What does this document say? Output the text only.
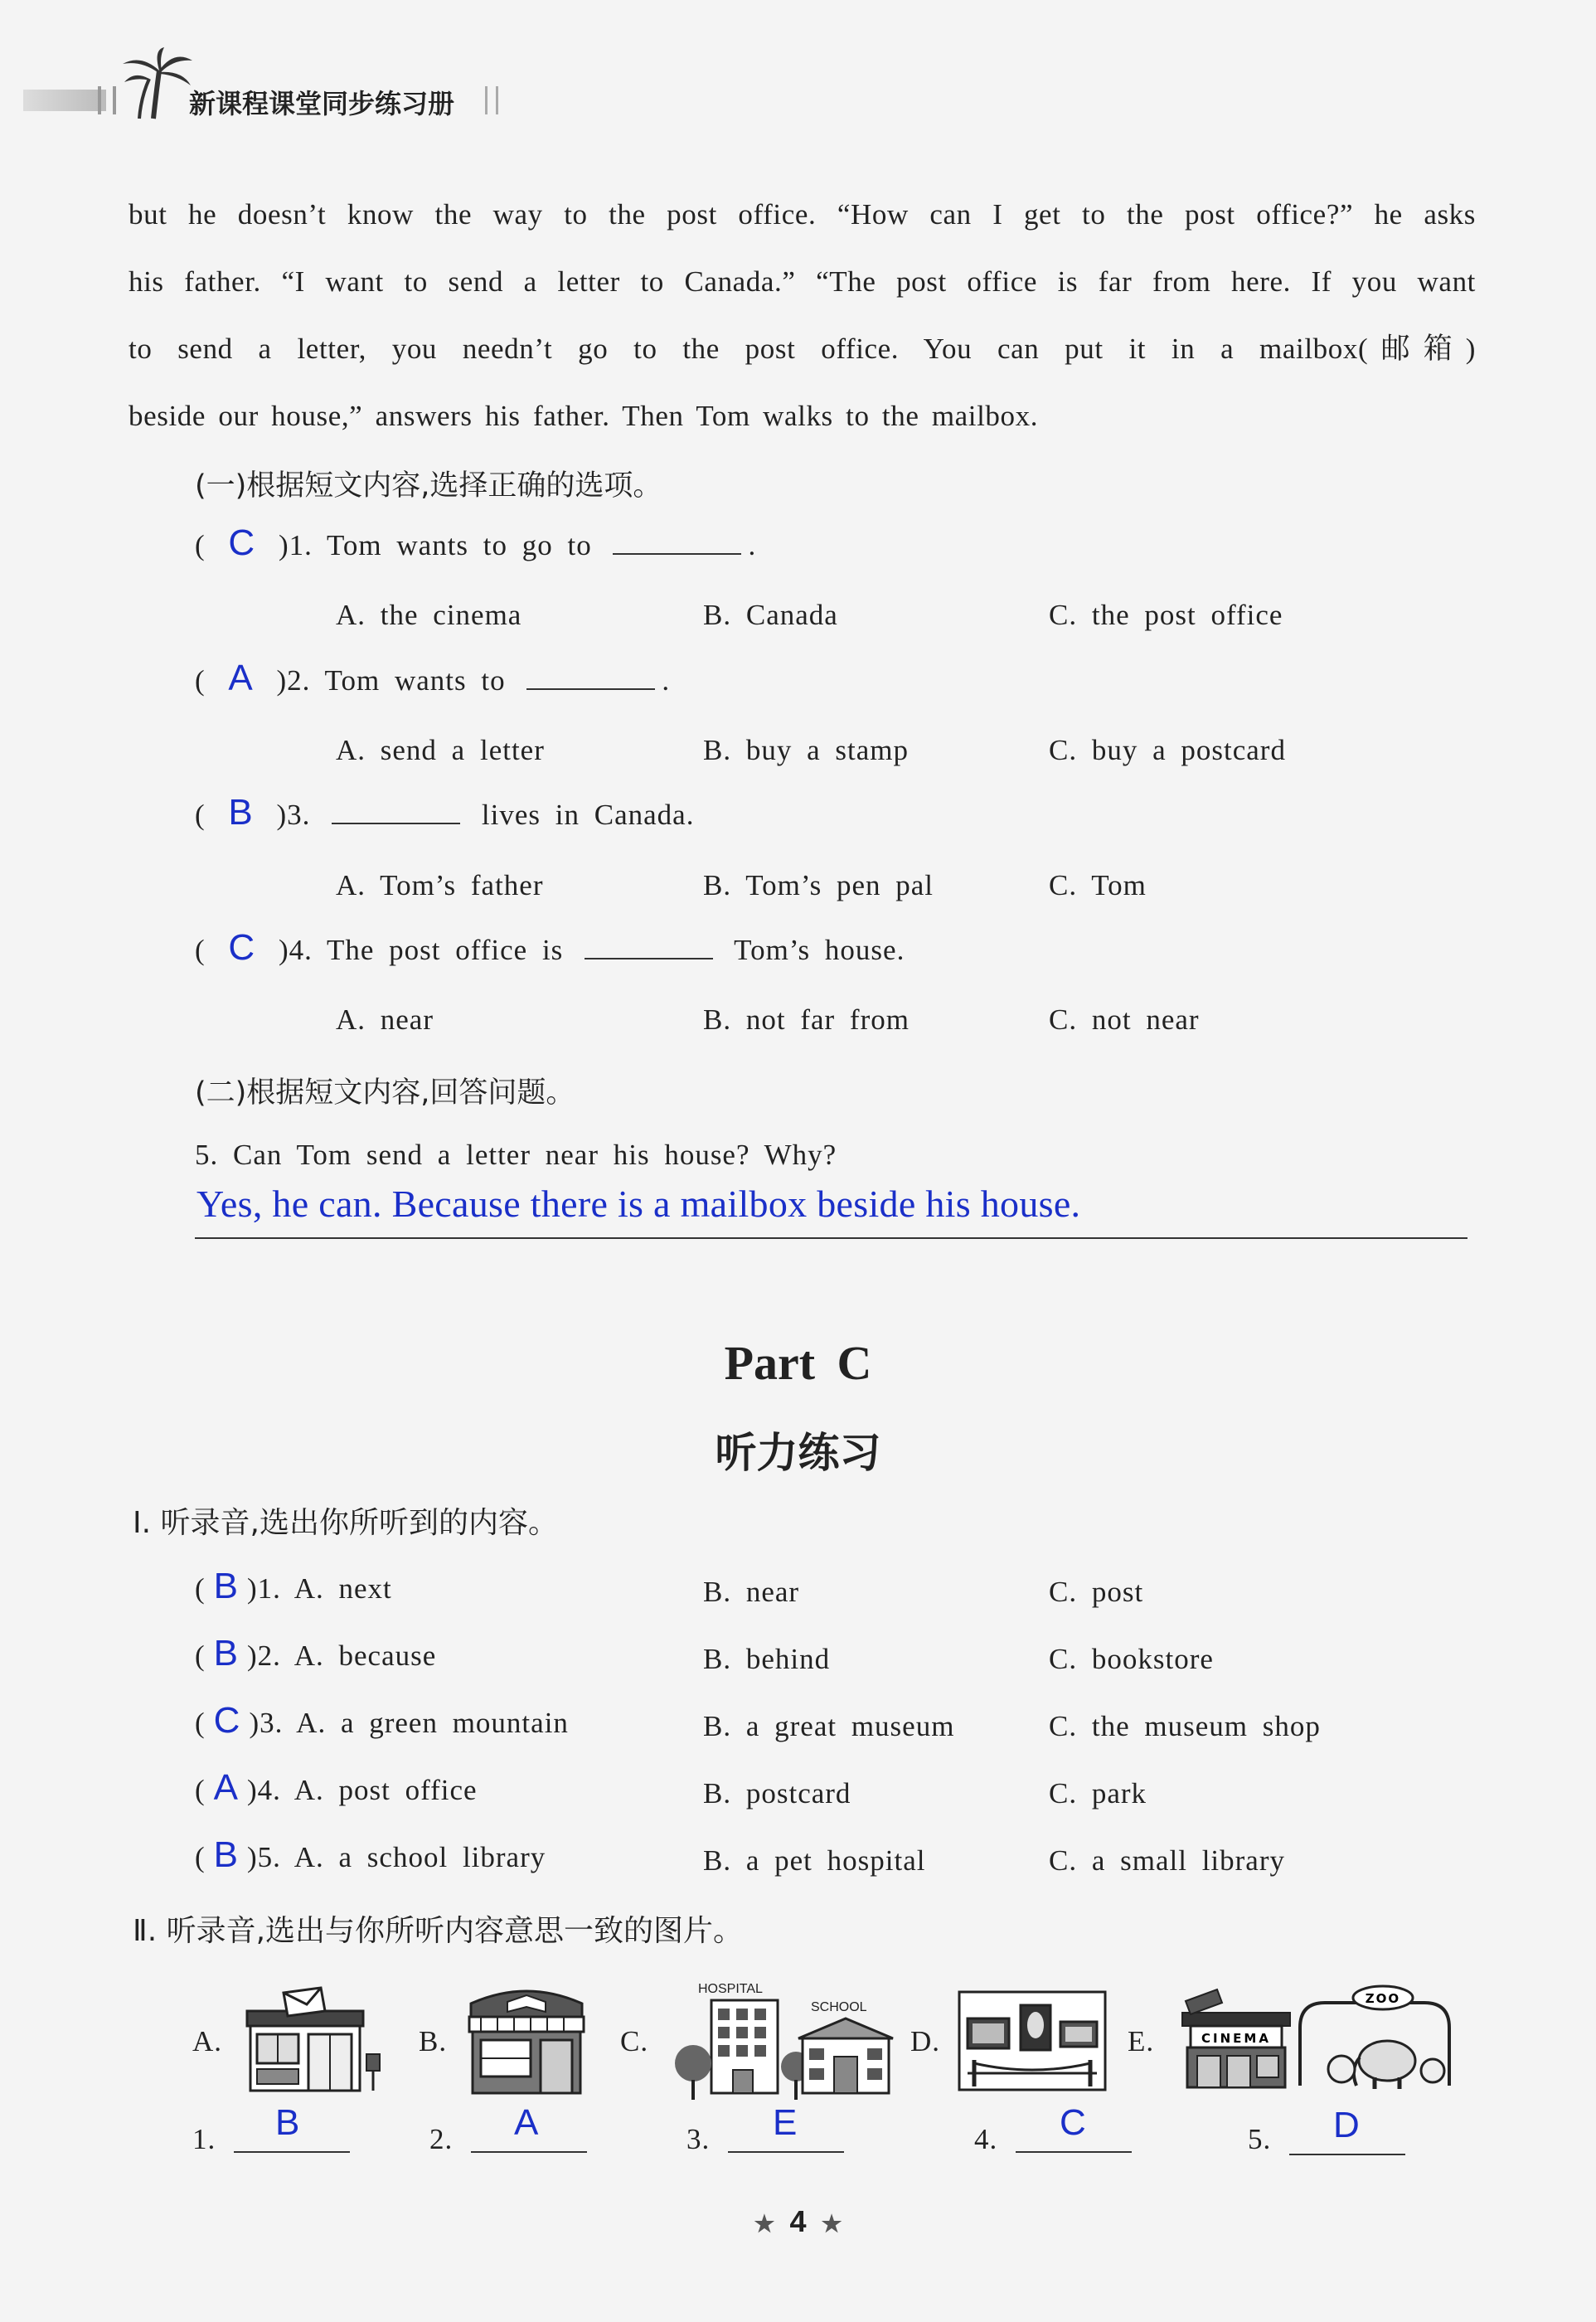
新课程课堂同步练习册
but he doesn’t know the way to the post office. “How can I get to the post office?” he asks
his father. “I want to send a letter to Canada.” “The post office is far from here. If you want
to send a letter, you needn’t go to the post office. You can put it in a mailbox(邮箱)
beside our house,” answers his father. Then Tom walks to the mailbox.
(一)根据短文内容,选择正确的选项。
( C )1. Tom wants to go to	.
A. the cinema	B. Canada	C. the post office
( A )2. Tom wants to	.
A. send a letter	B. buy a stamp	C. buy a postcard
( B )3.	lives in Canada.
A. Tom’s father	B. Tom’s pen pal	C. Tom
( C )4. The post office is	Tom’s house.
A. near	B. not far from	C. not near
(二)根据短文内容,回答问题。
5. Can Tom send a letter near his house? Why?
Yes, he can. Because there is a mailbox beside his house.
Part C
听力练习
Ⅰ. 听录音,选出你所听到的内容。
( B )1. A. next	B. near	C. post
( B )2. A. because	B. behind	C. bookstore
( C )3. A. a green mountain	B. a great museum	C. the museum shop
( A )4. A. post office	B. postcard	C. park
( B )5. A. a school library	B. a pet hospital	C. a small library
Ⅱ. 听录音,选出与你所听内容意思一致的图片。
A.	B.	C.
HOSPITAL
SCHOOL
D.	E.	CINEMA
ZOO
1. B	2. A	3. E	4. C	5. D
★ 4 ★
